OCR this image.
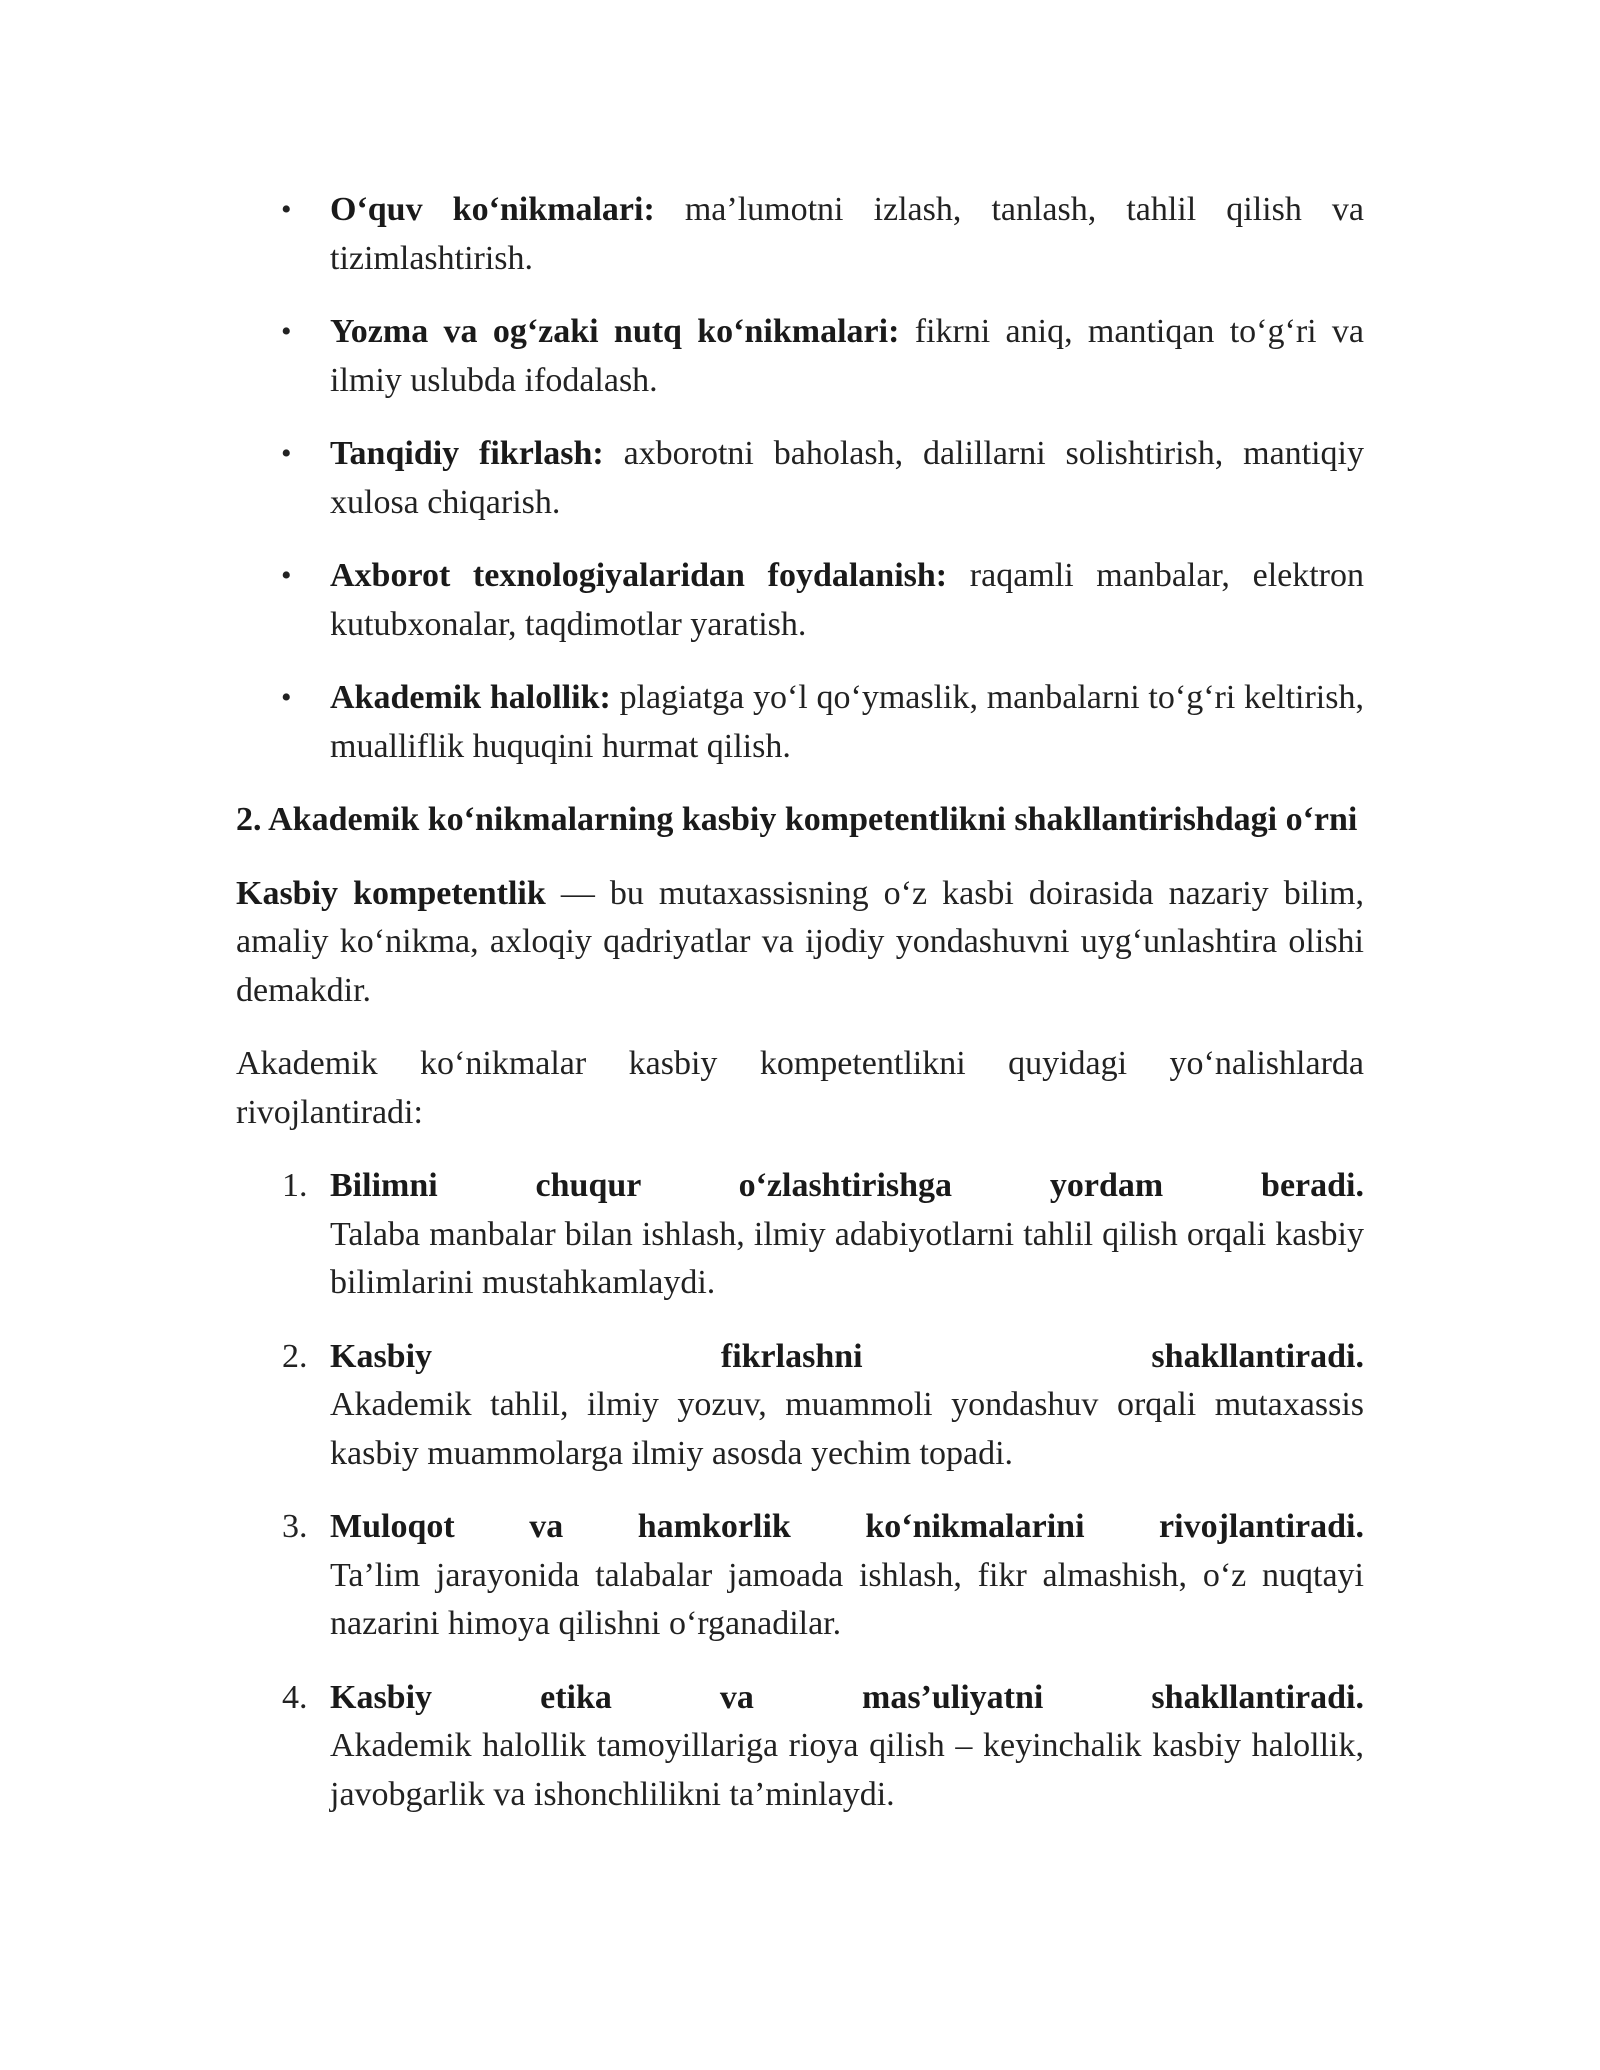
• O‘quv ko‘nikmalari: ma’lumotni izlash, tanlash, tahlil qilish va tizimlashtirish.
• Yozma va og‘zaki nutq ko‘nikmalari: fikrni aniq, mantiqan to‘g‘ri va ilmiy uslubda ifodalash.
• Tanqidiy fikrlash: axborotni baholash, dalillarni solishtirish, mantiqiy xulosa chiqarish.
• Axborot texnologiyalaridan foydalanish: raqamli manbalar, elektron kutubxonalar, taqdimotlar yaratish.
• Akademik halollik: plagiatga yo‘l qo‘ymaslik, manbalarni to‘g‘ri keltirish, mualliflik huquqini hurmat qilish.
2. Akademik ko‘nikmalarning kasbiy kompetentlikni shakllantirishdagi o‘rni

Kasbiy kompetentlik — bu mutaxassisning o‘z kasbi doirasida nazariy bilim, amaliy ko‘nikma, axloqiy qadriyatlar va ijodiy yondashuvni uyg‘unlashtira olishi demakdir.

Akademik ko‘nikmalar kasbiy kompetentlikni quyidagi yo‘nalishlarda rivojlantiradi:

1. Bilimni chuqur o‘zlashtirishga yordam beradi.
Talaba manbalar bilan ishlash, ilmiy adabiyotlarni tahlil qilish orqali kasbiy bilimlarini mustahkamlaydi.
2. Kasbiy fikrlashni shakllantiradi.
Akademik tahlil, ilmiy yozuv, muammoli yondashuv orqali mutaxassis kasbiy muammolarga ilmiy asosda yechim topadi.
3. Muloqot va hamkorlik ko‘nikmalarini rivojlantiradi.
Ta’lim jarayonida talabalar jamoada ishlash, fikr almashish, o‘z nuqtayi nazarini himoya qilishni o‘rganadilar.
4. Kasbiy etika va mas’uliyatni shakllantiradi.
Akademik halollik tamoyillariga rioya qilish – keyinchalik kasbiy halollik, javobgarlik va ishonchlilikni ta’minlaydi.
